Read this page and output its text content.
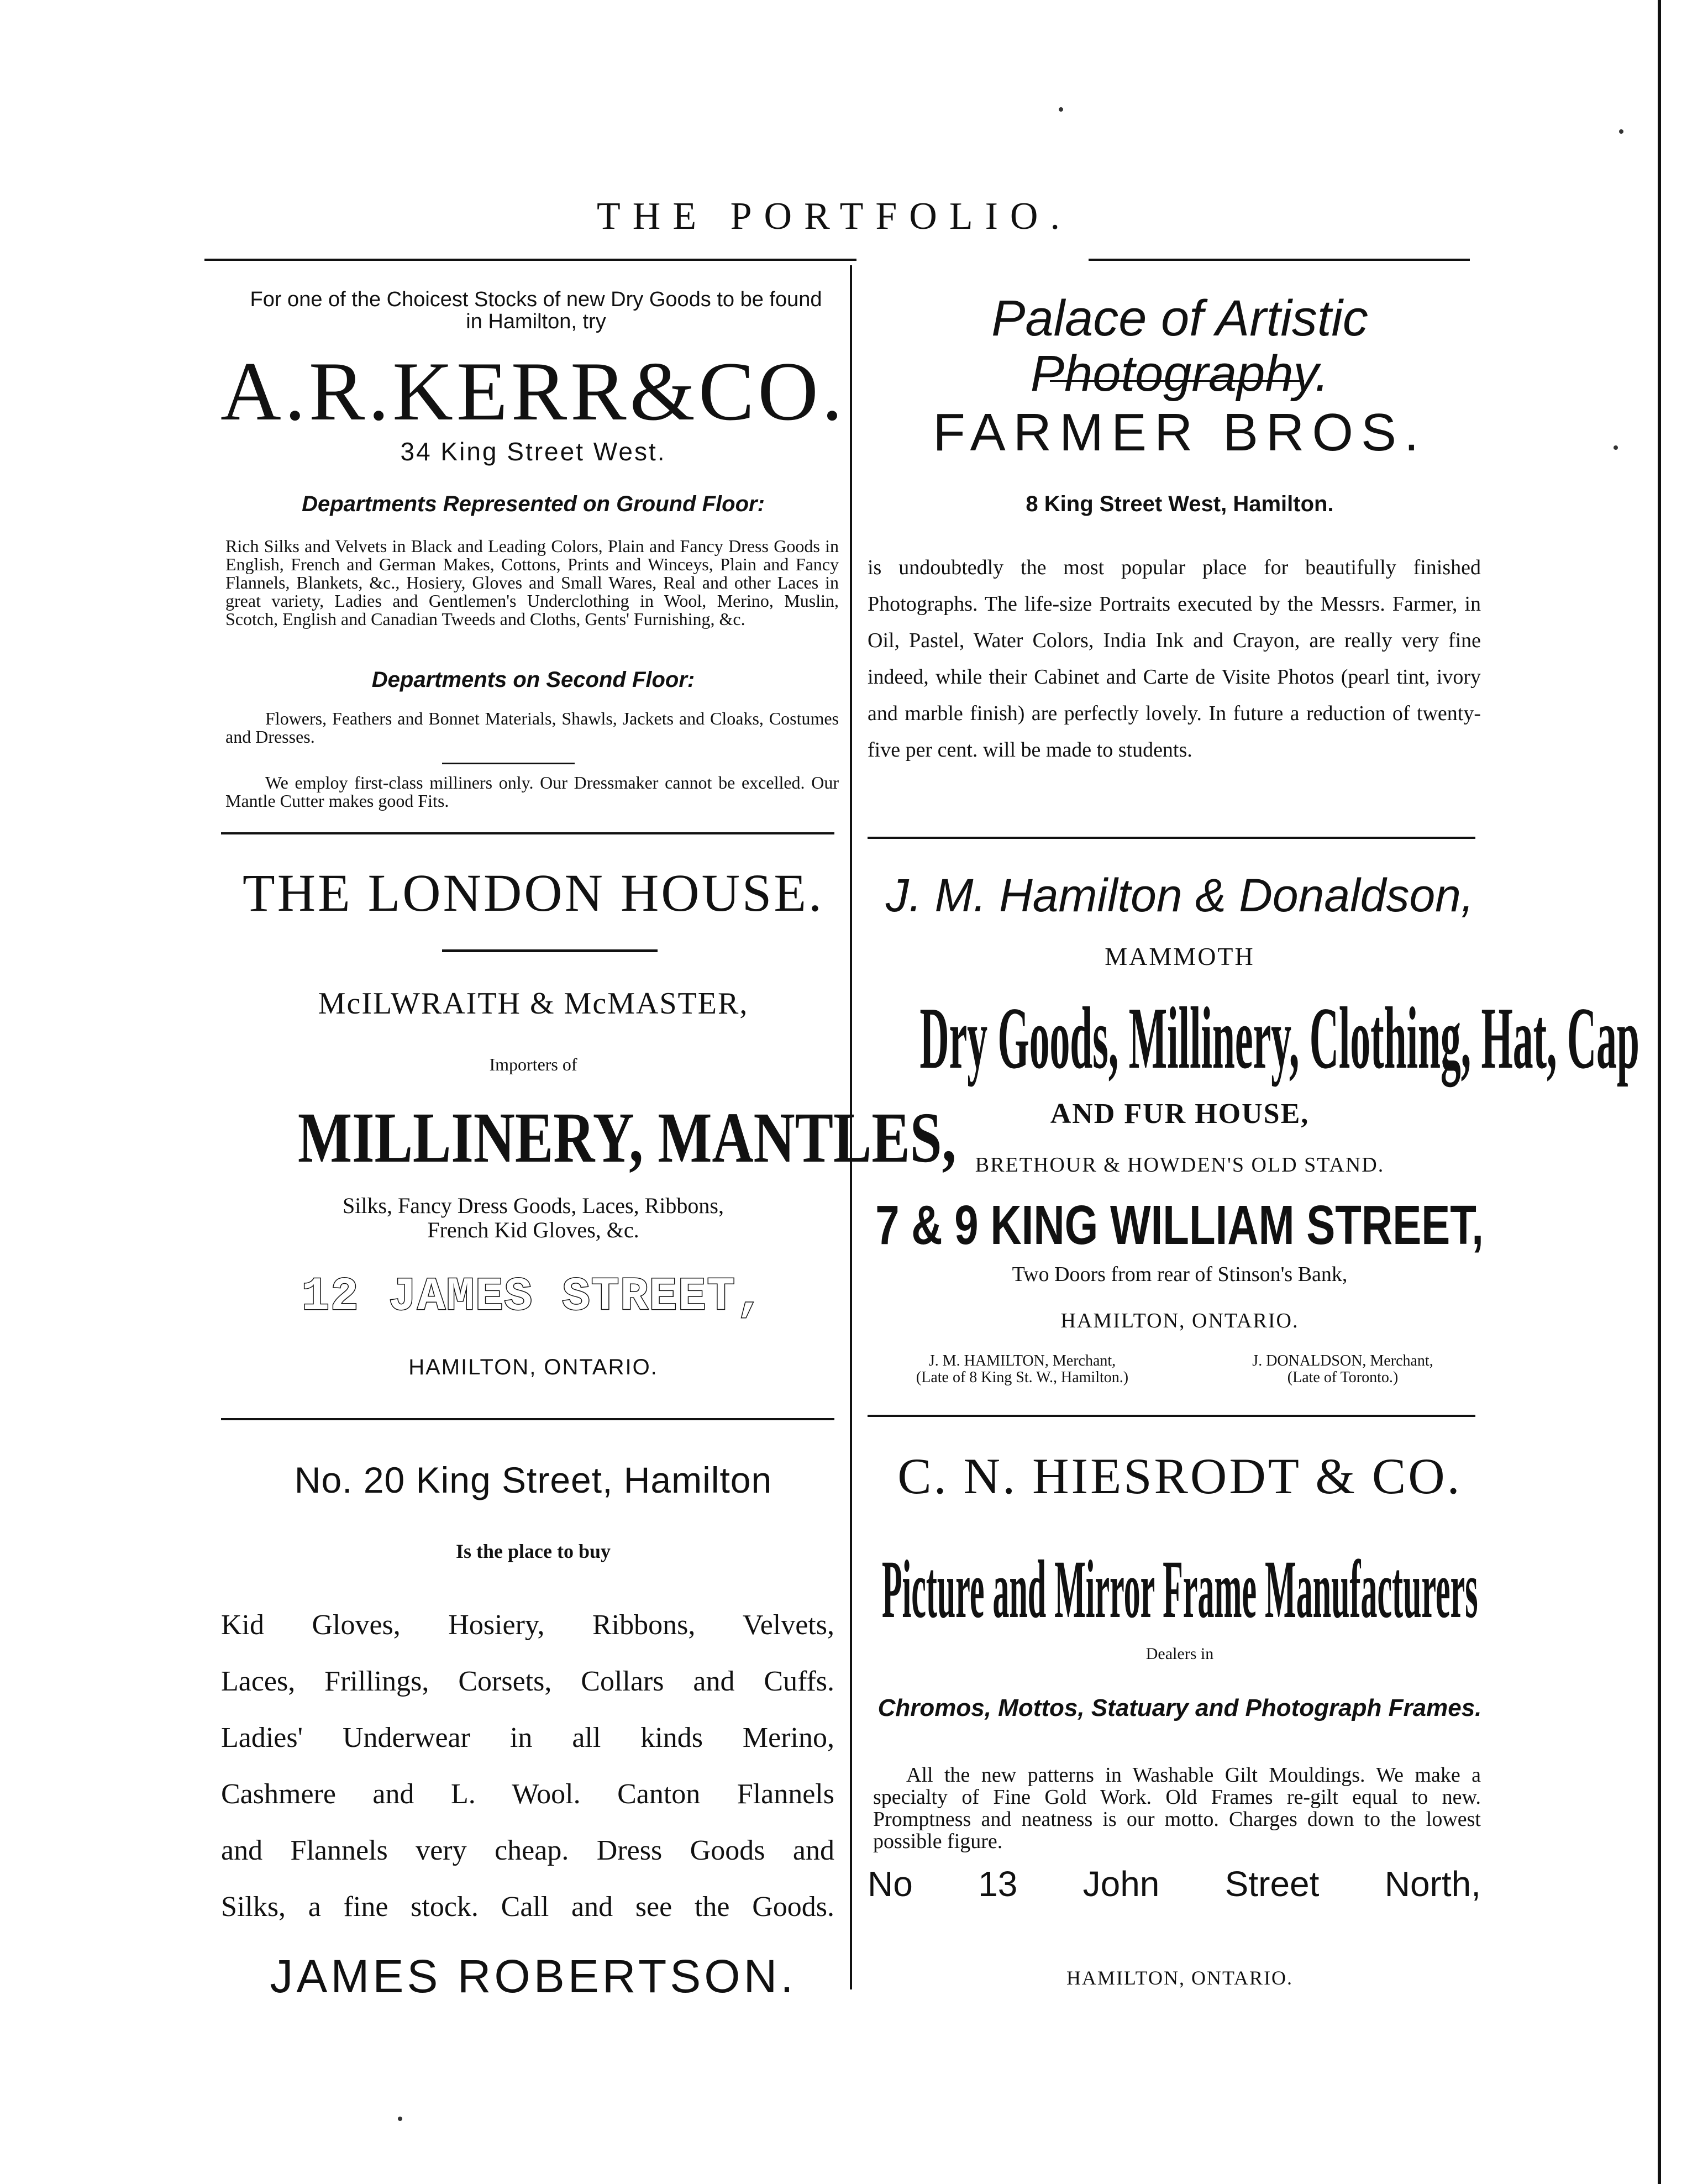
THE PORTFOLIO.
For one of the Choicest Stocks of new Dry Goods to be found in Hamilton, try
A.R.KERR&CO.
34 King Street West.
Departments Represented on Ground Floor:
Rich Silks and Velvets in Black and Leading Colors, Plain and Fancy Dress Goods in English, French and German Makes, Cottons, Prints and Winceys, Plain and Fancy Flannels, Blankets, &c., Hosiery, Gloves and Small Wares, Real and other Laces in great variety, Ladies and Gentlemen's Underclothing in Wool, Merino, Muslin, Scotch, English and Canadian Tweeds and Cloths, Gents' Furnishing, &c.
Departments on Second Floor:
Flowers, Feathers and Bonnet Materials, Shawls, Jackets and Cloaks, Costumes and Dresses.
We employ first-class milliners only. Our Dressmaker cannot be excelled. Our Mantle Cutter makes good Fits.
Palace of Artistic Photography.
FARMER BROS.
8 King Street West, Hamilton.
is undoubtedly the most popular place for beautifully finished Photographs. The life-size Portraits executed by the Messrs. Farmer, in Oil, Pastel, Water Colors, India Ink and Crayon, are really very fine indeed, while their Cabinet and Carte de Visite Photos (pearl tint, ivory and marble finish) are perfectly lovely. In future a reduction of twenty-five per cent. will be made to students.
THE LONDON HOUSE.
McILWRAITH & McMASTER,
Importers of
MILLINERY, MANTLES,
Silks, Fancy Dress Goods, Laces, Ribbons,
French Kid Gloves, &c.
12 JAMES STREET,
HAMILTON, ONTARIO.
J. M. Hamilton & Donaldson,
MAMMOTH
Dry Goods, Millinery, Clothing, Hat, Cap
AND FUR HOUSE,
BRETHOUR & HOWDEN'S OLD STAND.
7 & 9 KING WILLIAM STREET,
Two Doors from rear of Stinson's Bank,
HAMILTON, ONTARIO.
J. M. HAMILTON, Merchant,
(Late of 8 King St. W., Hamilton.)
J. DONALDSON, Merchant,
(Late of Toronto.)
No. 20 King Street, Hamilton
Is the place to buy
Kid Gloves, Hosiery, Ribbons, Velvets,
Laces, Frillings, Corsets, Collars and Cuffs.
Ladies' Underwear in all kinds Merino,
Cashmere and L. Wool. Canton Flannels
and Flannels very cheap. Dress Goods and
Silks, a fine stock. Call and see the Goods.
JAMES ROBERTSON.
C. N. HIESRODT & CO.
Picture and Mirror Frame Manufacturers
Dealers in
Chromos, Mottos, Statuary and Photograph Frames.
All the new patterns in Washable Gilt Mouldings. We make a specialty of Fine Gold Work. Old Frames re-gilt equal to new. Promptness and neatness is our motto. Charges down to the lowest possible figure.
No 13 John Street North,
HAMILTON, ONTARIO.
